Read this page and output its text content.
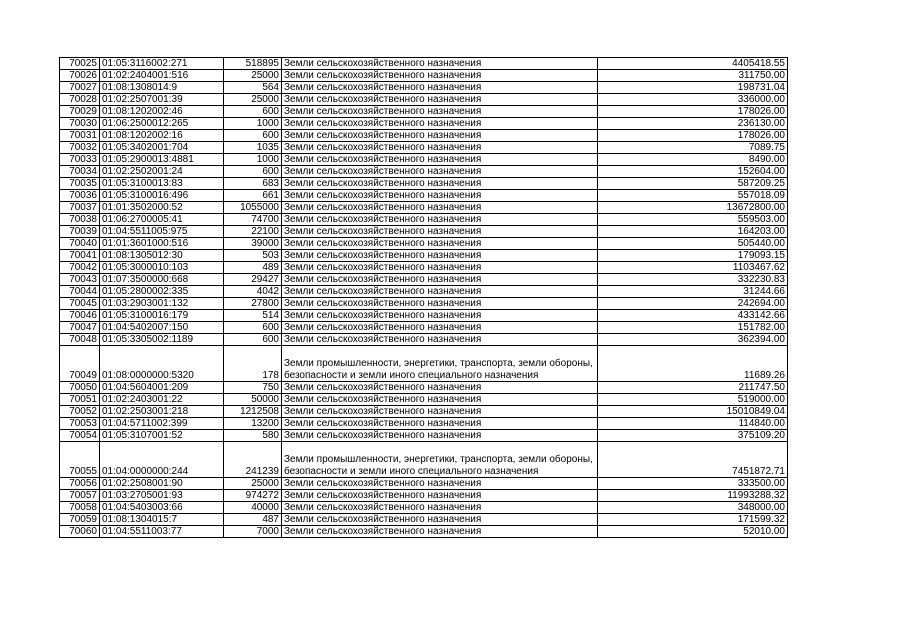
70025	01:05:3116002:271	518895	Земли сельскохозяйственного назначения	4405418.55
70026	01:02:2404001:516	25000	Земли сельскохозяйственного назначения	311750.00
70027	01:08:1308014:9	564	Земли сельскохозяйственного назначения	198731.04
70028	01:02:2507001:39	25000	Земли сельскохозяйственного назначения	336000.00
70029	01:08:1202002:46	600	Земли сельскохозяйственного назначения	178026.00
70030	01:06:2500012:265	1000	Земли сельскохозяйственного назначения	236130.00
70031	01:08:1202002:16	600	Земли сельскохозяйственного назначения	178026.00
70032	01:05:3402001:704	1035	Земли сельскохозяйственного назначения	7089.75
70033	01:05:2900013:4881	1000	Земли сельскохозяйственного назначения	8490.00
70034	01:02:2502001:24	600	Земли сельскохозяйственного назначения	152604.00
70035	01:05:3100013:83	683	Земли сельскохозяйственного назначения	587209.25
70036	01:05:3100016:496	661	Земли сельскохозяйственного назначения	557018.09
70037	01:01:3502000:52	1055000	Земли сельскохозяйственного назначения	13672800.00
70038	01:06:2700005:41	74700	Земли сельскохозяйственного назначения	559503.00
70039	01:04:5511005:975	22100	Земли сельскохозяйственного назначения	164203.00
70040	01:01:3601000:516	39000	Земли сельскохозяйственного назначения	505440.00
70041	01:08:1305012:30	503	Земли сельскохозяйственного назначения	179093.15
70042	01:05:3000010:103	489	Земли сельскохозяйственного назначения	1103467.62
70043	01:07:3500000:668	29427	Земли сельскохозяйственного назначения	332230.83
70044	01:05:2800002:335	4042	Земли сельскохозяйственного назначения	31244.66
70045	01:03:2903001:132	27800	Земли сельскохозяйственного назначения	242694.00
70046	01:05:3100016:179	514	Земли сельскохозяйственного назначения	433142.66
70047	01:04:5402007:150	600	Земли сельскохозяйственного назначения	151782.00
70048	01:05:3305002:1189	600	Земли сельскохозяйственного назначения	362394.00
70049	01:08:0000000:5320	178	Земли промышленности, энергетики, транспорта, земли обороны, безопасности и земли иного специального назначения	11689.26
70050	01:04:5604001:209	750	Земли сельскохозяйственного назначения	211747.50
70051	01:02:2403001:22	50000	Земли сельскохозяйственного назначения	519000.00
70052	01:02:2503001:218	1212508	Земли сельскохозяйственного назначения	15010849.04
70053	01:04:5711002:399	13200	Земли сельскохозяйственного назначения	114840.00
70054	01:05:3107001:52	580	Земли сельскохозяйственного назначения	375109.20
70055	01:04:0000000:244	241239	Земли промышленности, энергетики, транспорта, земли обороны, безопасности и земли иного специального назначения	7451872.71
70056	01:02:2508001:90	25000	Земли сельскохозяйственного назначения	333500.00
70057	01:03:2705001:93	974272	Земли сельскохозяйственного назначения	11993288.32
70058	01:04:5403003:66	40000	Земли сельскохозяйственного назначения	348000.00
70059	01:08:1304015:7	487	Земли сельскохозяйственного назначения	171599.32
70060	01:04:5511003:77	7000	Земли сельскохозяйственного назначения	52010.00
